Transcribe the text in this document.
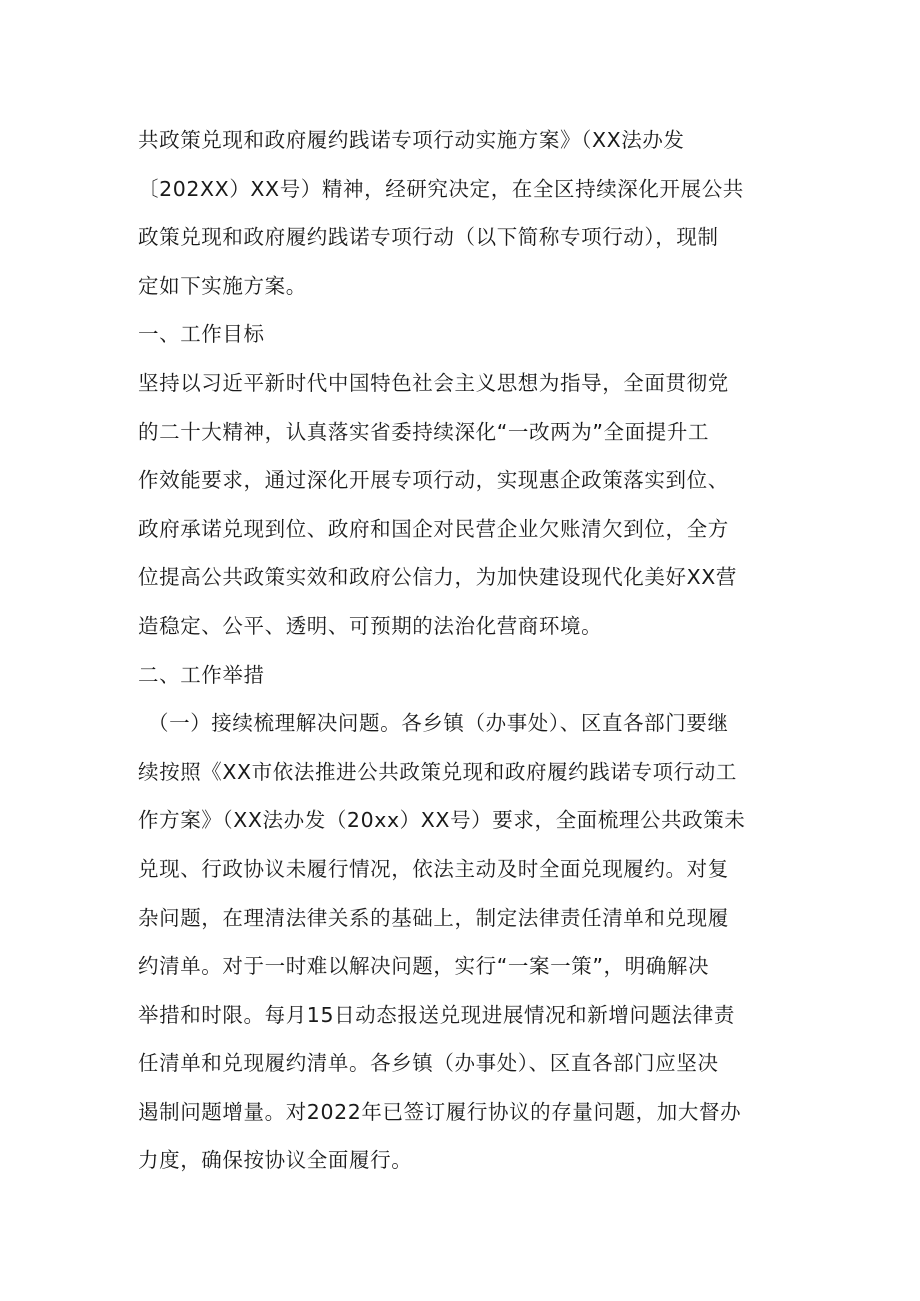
共政策兑现和政府履约践诺专项行动实施方案》（XX法办发
〔202XX）XX号）精神，经研究决定，在全区持续深化开展公共
政策兑现和政府履约践诺专项行动（以下简称专项行动），现制
定如下实施方案。
一、工作目标
坚持以习近平新时代中国特色社会主义思想为指导，全面贯彻党
的二十大精神，认真落实省委持续深化“一改两为”全面提升工
作效能要求，通过深化开展专项行动，实现惠企政策落实到位、
政府承诺兑现到位、政府和国企对民营企业欠账清欠到位，全方
位提高公共政策实效和政府公信力，为加快建设现代化美好XX营
造稳定、公平、透明、可预期的法治化营商环境。
二、工作举措
（一）接续梳理解决问题。各乡镇（办事处）、区直各部门要继
续按照《XX市依法推进公共政策兑现和政府履约践诺专项行动工
作方案》（XX法办发（20xx）XX号）要求，全面梳理公共政策未
兑现、行政协议未履行情况，依法主动及时全面兑现履约。对复
杂问题，在理清法律关系的基础上，制定法律责任清单和兑现履
约清单。对于一时难以解决问题，实行“一案一策”，明确解决
举措和时限。每月15日动态报送兑现进展情况和新增问题法律责
任清单和兑现履约清单。各乡镇（办事处）、区直各部门应坚决
遏制问题增量。对2022年已签订履行协议的存量问题，加大督办
力度，确保按协议全面履行。
